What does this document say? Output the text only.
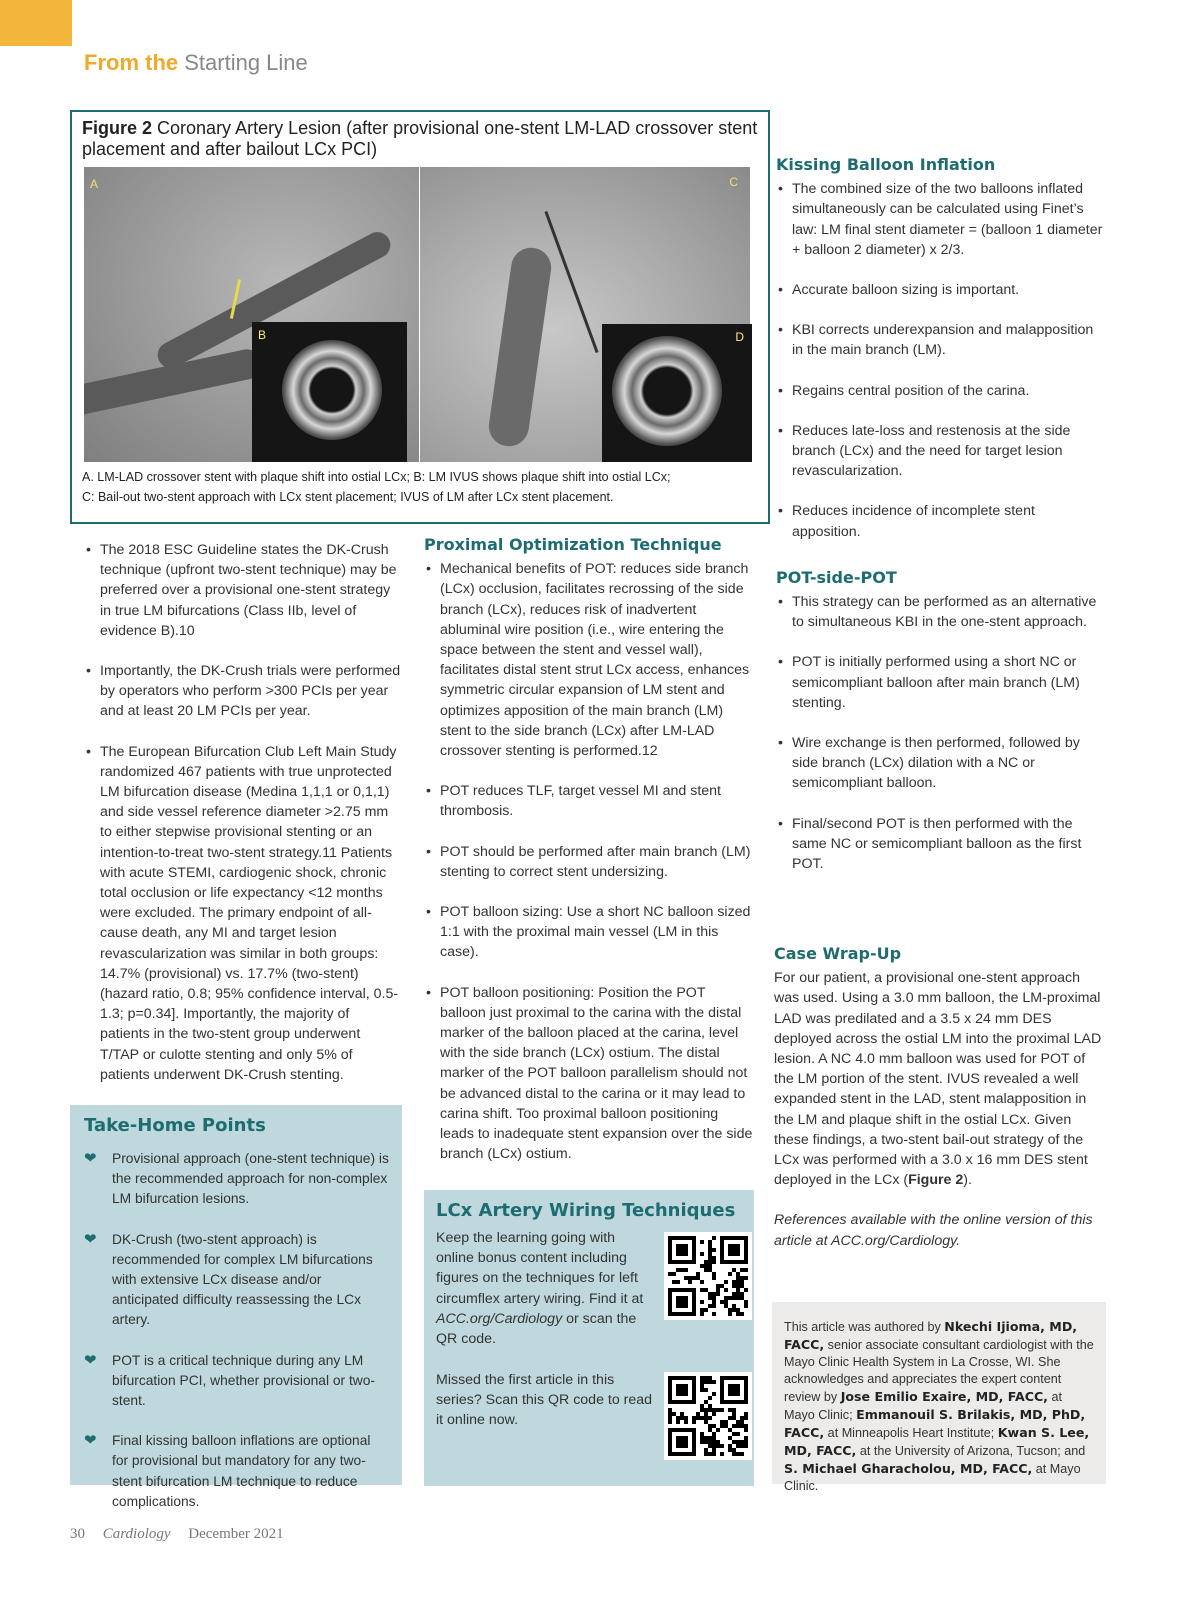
From the Starting Line
Figure 2 Coronary Artery Lesion (after provisional one-stent LM-LAD crossover stent placement and after bailout LCx PCI)
A	C
B	D
A. LM-LAD crossover stent with plaque shift into ostial LCx; B: LM IVUS shows plaque shift into ostial LCx;
C: Bail-out two-stent approach with LCx stent placement; IVUS of LM after LCx stent placement.
• The 2018 ESC Guideline states the DK-Crush technique (upfront two-stent technique) may be preferred over a provisional one-stent strategy in true LM bifurcations (Class IIb, level of evidence B).10
• Importantly, the DK-Crush trials were performed by operators who perform >300 PCIs per year and at least 20 LM PCIs per year.
• The European Bifurcation Club Left Main Study randomized 467 patients with true unprotected LM bifurcation disease (Medina 1,1,1 or 0,1,1) and side vessel reference diameter >2.75 mm to either stepwise provisional stenting or an intention-to-treat two-stent strategy.11 Patients with acute STEMI, cardiogenic shock, chronic total occlusion or life expectancy <12 months were excluded. The primary endpoint of all-cause death, any MI and target lesion revascularization was similar in both groups: 14.7% (provisional) vs. 17.7% (two-stent) (hazard ratio, 0.8; 95% confidence interval, 0.5-1.3; p=0.34]. Importantly, the majority of patients in the two-stent group underwent T/TAP or culotte stenting and only 5% of patients underwent DK-Crush stenting.
Take-Home Points
❤ Provisional approach (one-stent technique) is the recommended approach for non-complex LM bifurcation lesions.
❤ DK-Crush (two-stent approach) is recommended for complex LM bifurcations with extensive LCx disease and/or anticipated difficulty reassessing the LCx artery.
❤ POT is a critical technique during any LM bifurcation PCI, whether provisional or two-stent.
❤ Final kissing balloon inflations are optional for provisional but mandatory for any two-stent bifurcation LM technique to reduce complications.
Proximal Optimization Technique
• Mechanical benefits of POT: reduces side branch (LCx) occlusion, facilitates recrossing of the side branch (LCx), reduces risk of inadvertent abluminal wire position (i.e., wire entering the space between the stent and vessel wall), facilitates distal stent strut LCx access, enhances symmetric circular expansion of LM stent and optimizes apposition of the main branch (LM) stent to the side branch (LCx) after LM-LAD crossover stenting is performed.12
• POT reduces TLF, target vessel MI and stent thrombosis.
• POT should be performed after main branch (LM) stenting to correct stent undersizing.
• POT balloon sizing: Use a short NC balloon sized 1:1 with the proximal main vessel (LM in this case).
• POT balloon positioning: Position the POT balloon just proximal to the carina with the distal marker of the balloon placed at the carina, level with the side branch (LCx) ostium. The distal marker of the POT balloon parallelism should not be advanced distal to the carina or it may lead to carina shift. Too proximal balloon positioning leads to inadequate stent expansion over the side branch (LCx) ostium.
LCx Artery Wiring Techniques
Keep the learning going with online bonus content including figures on the techniques for left circumflex artery wiring. Find it at ACC.org/Cardiology or scan the QR code.
Missed the first article in this series? Scan this QR code to read it online now.
Kissing Balloon Inflation
• The combined size of the two balloons inflated simultaneously can be calculated using Finet’s law: LM final stent diameter = (balloon 1 diameter + balloon 2 diameter) x 2/3.
• Accurate balloon sizing is important.
• KBI corrects underexpansion and malapposition in the main branch (LM).
• Regains central position of the carina.
• Reduces late-loss and restenosis at the side branch (LCx) and the need for target lesion revascularization.
• Reduces incidence of incomplete stent apposition.
POT-side-POT
• This strategy can be performed as an alternative to simultaneous KBI in the one-stent approach.
• POT is initially performed using a short NC or semicompliant balloon after main branch (LM) stenting.
• Wire exchange is then performed, followed by side branch (LCx) dilation with a NC or semicompliant balloon.
• Final/second POT is then performed with the same NC or semicompliant balloon as the first POT.
Case Wrap-Up

For our patient, a provisional one-stent approach was used. Using a 3.0 mm balloon, the LM-proximal LAD was predilated and a 3.5 x 24 mm DES deployed across the ostial LM into the proximal LAD lesion. A NC 4.0 mm balloon was used for POT of the LM portion of the stent. IVUS revealed a well expanded stent in the LAD, stent malapposition in the LM and plaque shift in the ostial LCx. Given these findings, a two-stent bail-out strategy of the LCx was performed with a 3.0 x 16 mm DES stent deployed in the LCx (Figure 2).

References available with the online version of this article at ACC.org/Cardiology.

This article was authored by Nkechi Ijioma, MD, FACC, senior associate consultant cardiologist with the Mayo Clinic Health System in La Crosse, WI. She acknowledges and appreciates the expert content review by Jose Emilio Exaire, MD, FACC, at Mayo Clinic; Emmanouil S. Brilakis, MD, PhD, FACC, at Minneapolis Heart Institute; Kwan S. Lee, MD, FACC, at the University of Arizona, Tucson; and S. Michael Gharacholou, MD, FACC, at Mayo Clinic.
30 Cardiology December 2021
